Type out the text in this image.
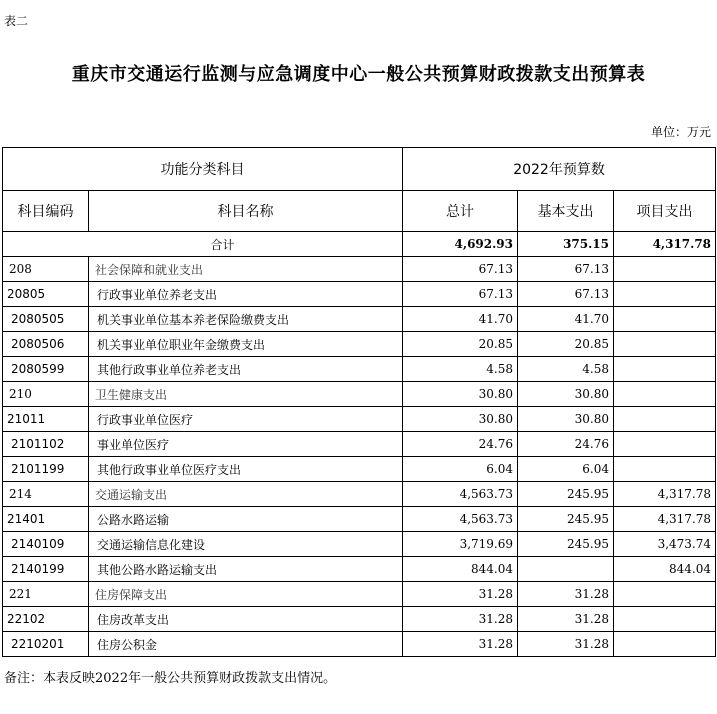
表二
重庆市交通运行监测与应急调度中心一般公共预算财政拨款支出预算表
单位：万元
功能分类科目		2022年预算数		
科目编码	科目名称	总计	基本支出	项目支出
合计		4,692.93	375.15	4,317.78
208	社会保障和就业支出	67.13	67.13	
20805	行政事业单位养老支出	67.13	67.13	
2080505	机关事业单位基本养老保险缴费支出	41.70	41.70	
2080506	机关事业单位职业年金缴费支出	20.85	20.85	
2080599	其他行政事业单位养老支出	4.58	4.58	
210	卫生健康支出	30.80	30.80	
21011	行政事业单位医疗	30.80	30.80	
2101102	事业单位医疗	24.76	24.76	
2101199	其他行政事业单位医疗支出	6.04	6.04	
214	交通运输支出	4,563.73	245.95	4,317.78
21401	公路水路运输	4,563.73	245.95	4,317.78
2140109	交通运输信息化建设	3,719.69	245.95	3,473.74
2140199	其他公路水路运输支出	844.04		844.04
221	住房保障支出	31.28	31.28	
22102	住房改革支出	31.28	31.28	
2210201	住房公积金	31.28	31.28	
备注：本表反映2022年一般公共预算财政拨款支出情况。
